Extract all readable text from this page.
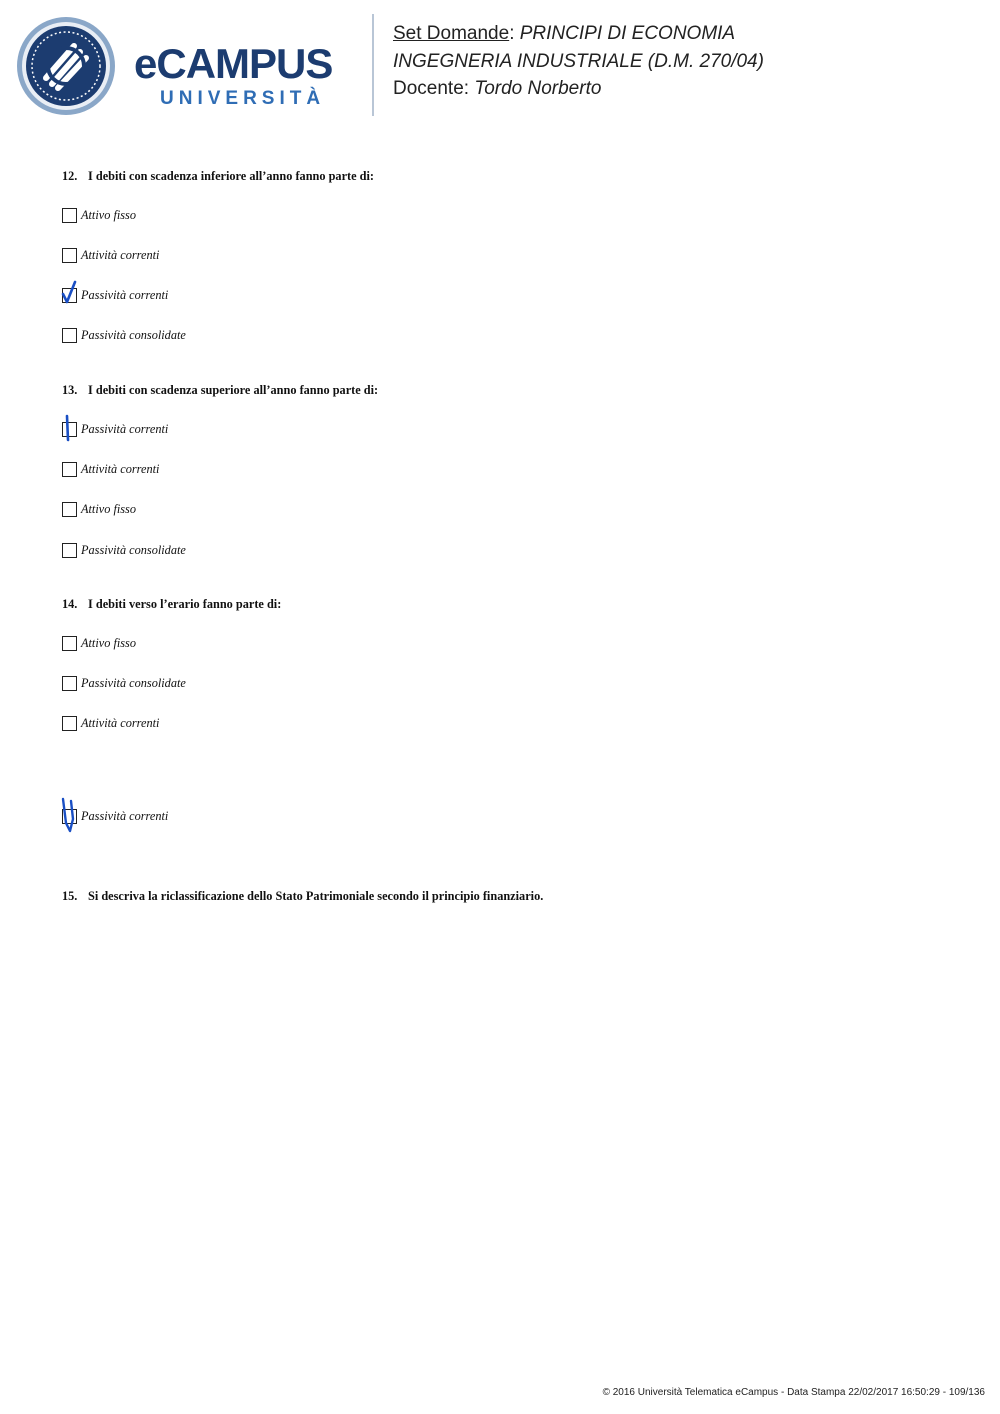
eCAMPUS
UNIVERSITÀ
Set Domande: PRINCIPI DI ECONOMIA
INGEGNERIA INDUSTRIALE (D.M. 270/04)
Docente: Tordo Norberto
12. I debiti con scadenza inferiore all’anno fanno parte di:
Attivo fisso
Attività correnti
Passività correnti
Passività consolidate
13. I debiti con scadenza superiore all’anno fanno parte di:
Passività correnti
Attività correnti
Attivo fisso
Passività consolidate
14. I debiti verso l’erario fanno parte di:
Attivo fisso
Passività consolidate
Attività correnti
Passività correnti
15. Si descriva la riclassificazione dello Stato Patrimoniale secondo il principio finanziario.
© 2016 Università Telematica eCampus - Data Stampa 22/02/2017 16:50:29 - 109/136
